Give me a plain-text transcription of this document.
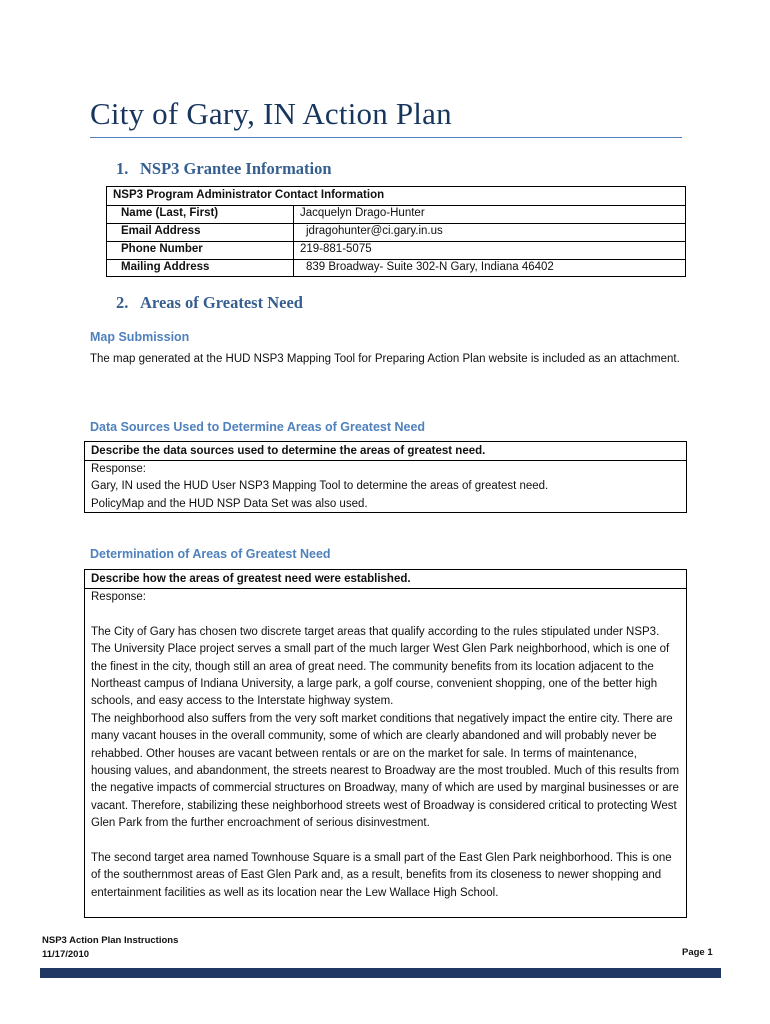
City of Gary, IN Action Plan
1. NSP3 Grantee Information
NSP3 Program Administrator Contact Information
Name (Last, First)	Jacquelyn Drago-Hunter
Email Address	jdragohunter@ci.gary.in.us
Phone Number	219-881-5075
Mailing Address	839 Broadway- Suite 302-N Gary, Indiana 46402
2. Areas of Greatest Need
Map Submission

The map generated at the HUD NSP3 Mapping Tool for Preparing Action Plan website is included as an attachment.

Data Sources Used to Determine Areas of Greatest Need
Describe the data sources used to determine the areas of greatest need.

Response:

Gary, IN used the HUD User NSP3 Mapping Tool to determine the areas of greatest need.

PolicyMap and the HUD NSP Data Set was also used.

Determination of Areas of Greatest Need
Describe how the areas of greatest need were established.

Response:

The City of Gary has chosen two discrete target areas that qualify according to the rules stipulated under NSP3. The University Place project serves a small part of the much larger West Glen Park neighborhood, which is one of the finest in the city, though still an area of great need. The community benefits from its location adjacent to the Northeast campus of Indiana University, a large park, a golf course, convenient shopping, one of the better high schools, and easy access to the Interstate highway system.

The neighborhood also suffers from the very soft market conditions that negatively impact the entire city. There are many vacant houses in the overall community, some of which are clearly abandoned and will probably never be rehabbed. Other houses are vacant between rentals or are on the market for sale. In terms of maintenance, housing values, and abandonment, the streets nearest to Broadway are the most troubled. Much of this results from the negative impacts of commercial structures on Broadway, many of which are used by marginal businesses or are vacant. Therefore, stabilizing these neighborhood streets west of Broadway is considered critical to protecting West Glen Park from the further encroachment of serious disinvestment.

The second target area named Townhouse Square is a small part of the East Glen Park neighborhood. This is one of the southernmost areas of East Glen Park and, as a result, benefits from its closeness to newer shopping and entertainment facilities as well as its location near the Lew Wallace High School.

NSP3 Action Plan Instructions
11/17/2010	Page 1
